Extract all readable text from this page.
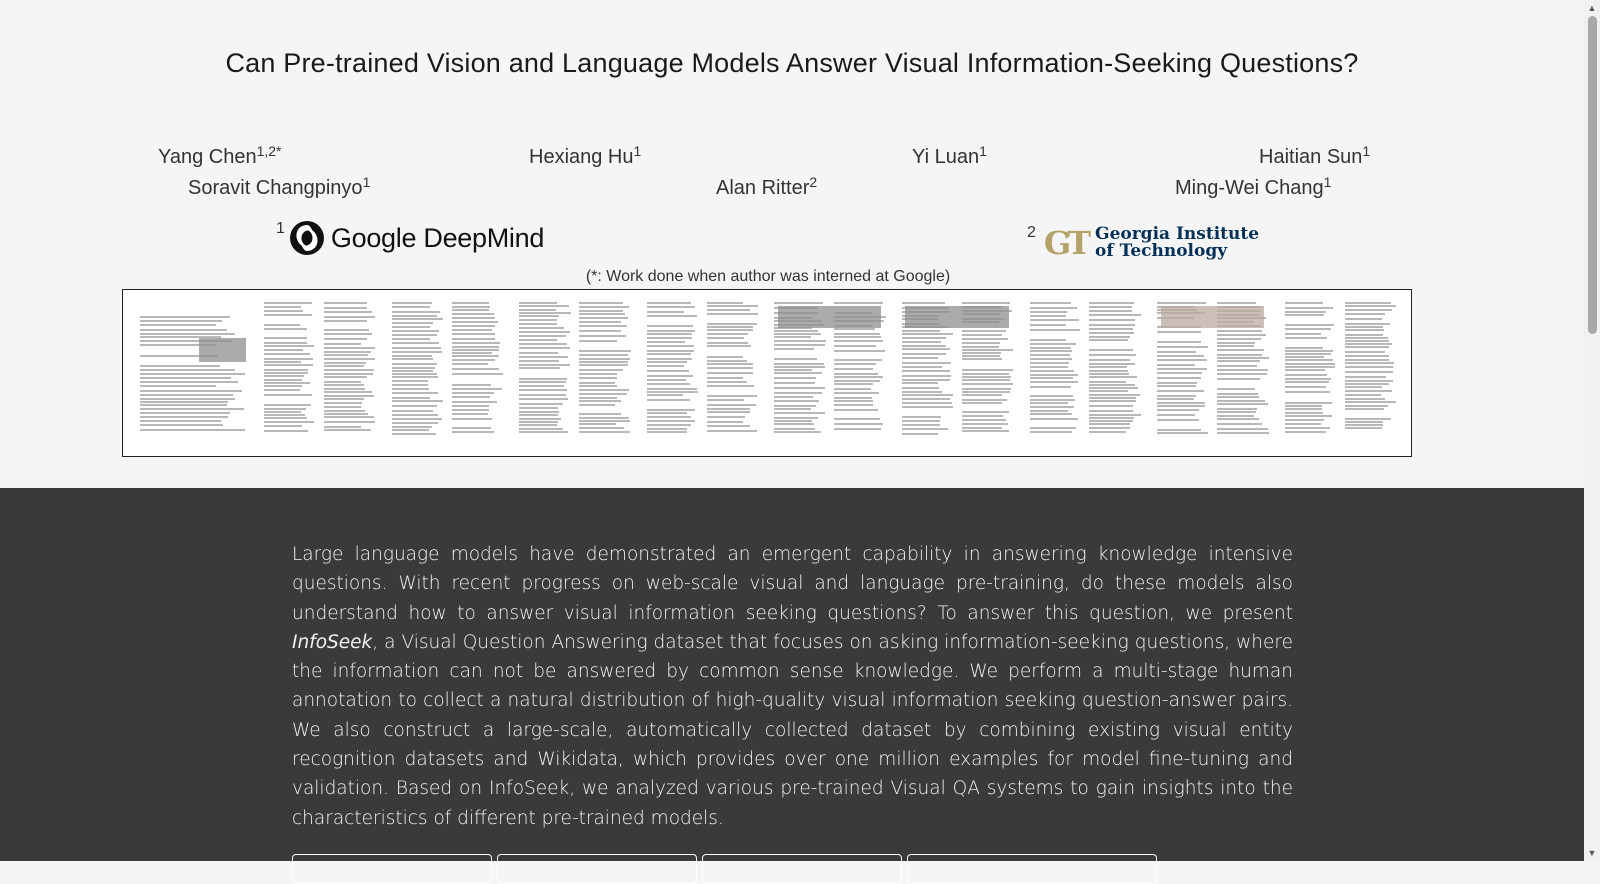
Can Pre-trained Vision and Language Models Answer Visual Information-Seeking Questions?
Yang Chen$^{1,2*}$	Hexiang Hu$^1$	Yi Luan$^1$	Haitian Sun$^1$
Soravit Changpinyo$^1$	Alan Ritter$^2$	Ming-Wei Chang$^1$
1 Google DeepMind	2 GT Georgia Institute
of Technology
(*: Work done when author was interned at Google)

Large language models have demonstrated an emergent capability in answering knowledge intensive questions. With recent progress on web-scale visual and language pre-training, do these models also understand how to answer visual information seeking questions? To answer this question, we present InfoSeek, a Visual Question Answering dataset that focuses on asking information-seeking questions, where the information can not be answered by common sense knowledge. We perform a multi-stage human annotation to collect a natural distribution of high-quality visual information seeking question-answer pairs. We also construct a large-scale, automatically collected dataset by combining existing visual entity recognition datasets and Wikidata, which provides over one million examples for model fine-tuning and validation. Based on InfoSeek, we analyzed various pre-trained Visual QA systems to gain insights into the characteristics of different pre-trained models.

▲
▼
